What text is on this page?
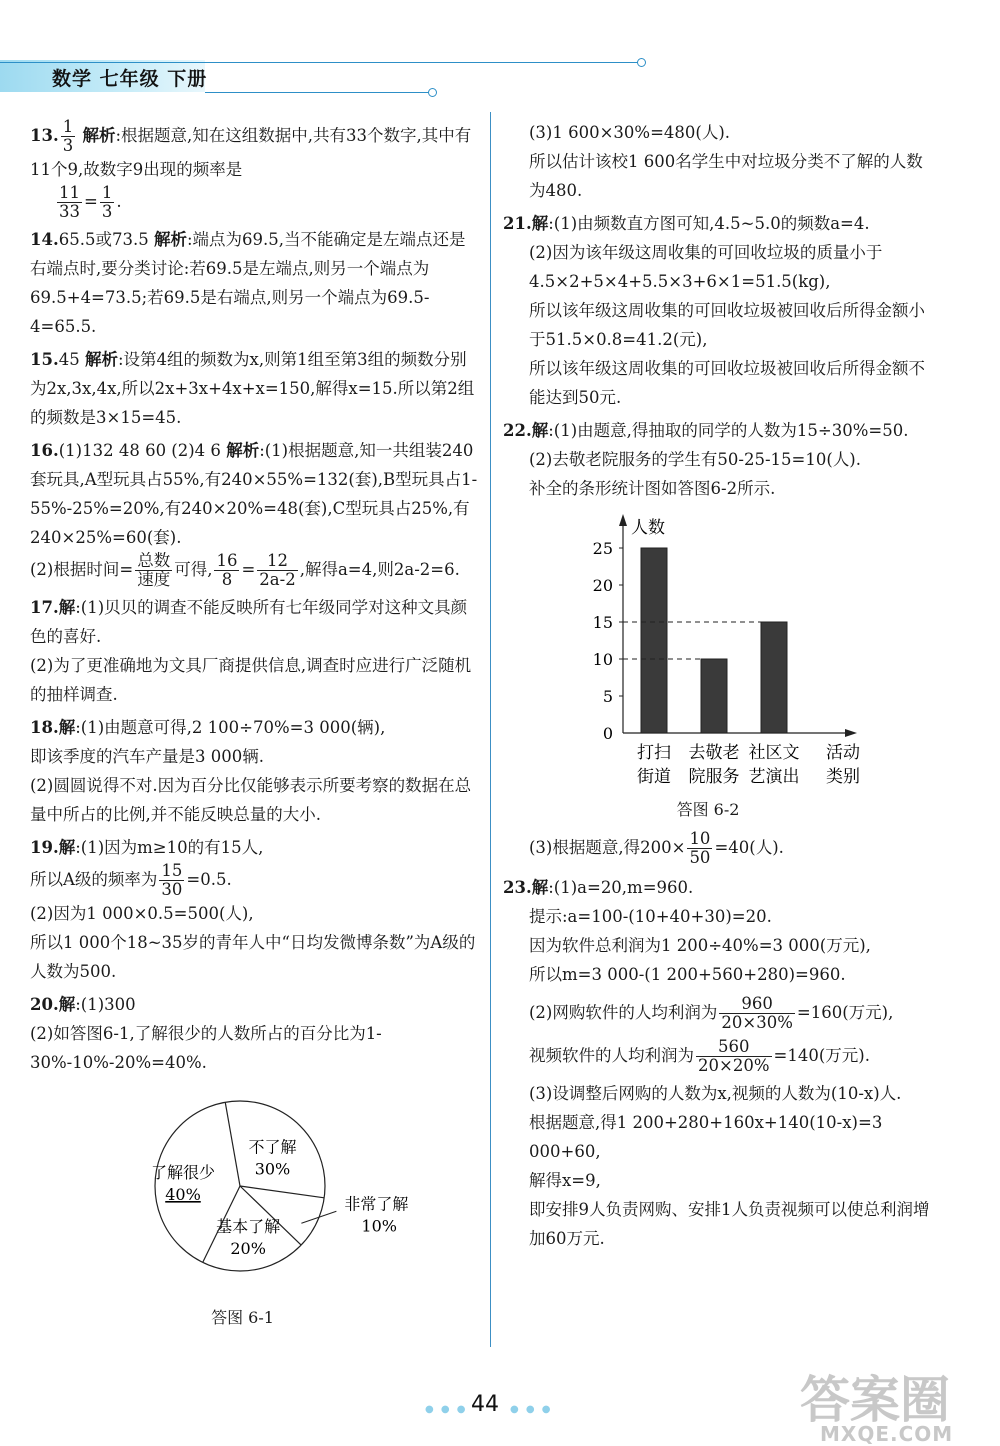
数学 七年级 下册

13. $\frac{1}{3}$ 解析:根据题意,知在这组数据中,共有33个数字,其中有11个9,故数字9出现的频率是

$\frac{11}{33} = \frac{1}{3}$ .

14.65.5或73.5 解析:端点为69.5,当不能确定是左端点还是右端点时,要分类讨论:若69.5是左端点,则另一个端点为69.5+4=73.5;若69.5是右端点,则另一个端点为69.5-4=65.5.

15.45 解析:设第4组的频数为x,则第1组至第3组的频数分别为2x,3x,4x,所以2x+3x+4x+x=150,解得x=15.所以第2组的频数是3×15=45.

16.(1)132 48 60 (2)4 6 解析:(1)根据题意,知一共组装240套玩具,A型玩具占55%,有240×55%=132(套),B型玩具占1-55%-25%=20%,有240×20%=48(套),C型玩具占25%,有240×25%=60(套).
(2)根据时间= $\frac{\text{总数}}{\text{速度}}$ 可得, $\frac{16}{8} = \frac{12}{2a-2}$ ,解得a=4,则2a-2=6.

17.解:(1)贝贝的调查不能反映所有七年级同学对这种文具颜色的喜好.
(2)为了更准确地为文具厂商提供信息,调查时应进行广泛随机的抽样调查.

18.解:(1)由题意可得,2 100÷70%=3 000(辆),
即该季度的汽车产量是3 000辆.
(2)圆圆说得不对.因为百分比仅能够表示所要考察的数据在总量中所占的比例,并不能反映总量的大小.

19.解:(1)因为m≥10的有15人,
所以A级的频率为 $\frac{15}{30} =0.5$.
(2)因为1 000×0.5=500(人),
所以1 000个18~35岁的青年人中“日均发微博条数”为A级的人数为500.

20.解:(1)300
(2)如答图6-1,了解很少的人数所占的百分比为1-30%-10%-20%=40%.

不了解
30%
非常了解
10%
基本了解
20%
了解很少
40%
答图 6-1

(3)1 600×30%=480(人).
所以估计该校1 600名学生中对垃圾分类不了解的人数为480.

21.解:(1)由频数直方图可知,4.5~5.0的频数a=4.

(2)因为该年级这周收集的可回收垃圾的质量小于4.5×2+5×4+5.5×3+6×1=51.5(kg),
所以该年级这周收集的可回收垃圾被回收后所得金额小于51.5×0.8=41.2(元),
所以该年级这周收集的可回收垃圾被回收后所得金额不能达到50元.

22.解:(1)由题意,得抽取的同学的人数为15÷30%=50.

(2)去敬老院服务的学生有50-25-15=10(人).
补全的条形统计图如答图6-2所示.

人数
0
5
10
15
20
25
打扫
街道
去敬老
院服务
社区文
艺演出
活动
类别
答图 6-2

(3)根据题意,得$200\times \frac{10}{50} =40$(人).

23.解:(1)a=20,m=960.

提示:a=100-(10+40+30)=20.
因为软件总利润为1 200÷40%=3 000(万元),
所以m=3 000-(1 200+560+280)=960.
(2)网购软件的人均利润为 $\frac{960}{20\times 30\%} =160$(万元),
视频软件的人均利润为 $\frac{560}{20\times 20\%} =140$(万元).
(3)设调整后网购的人数为x,视频的人数为(10-x)人.
根据题意,得1 200+280+160x+140(10-x)=3 000+60,
解得x=9,
即安排9人负责网购、安排1人负责视频可以使总利润增加60万元.

● ● ● 44 ● ● ●	答案圈
MXQE.COM
